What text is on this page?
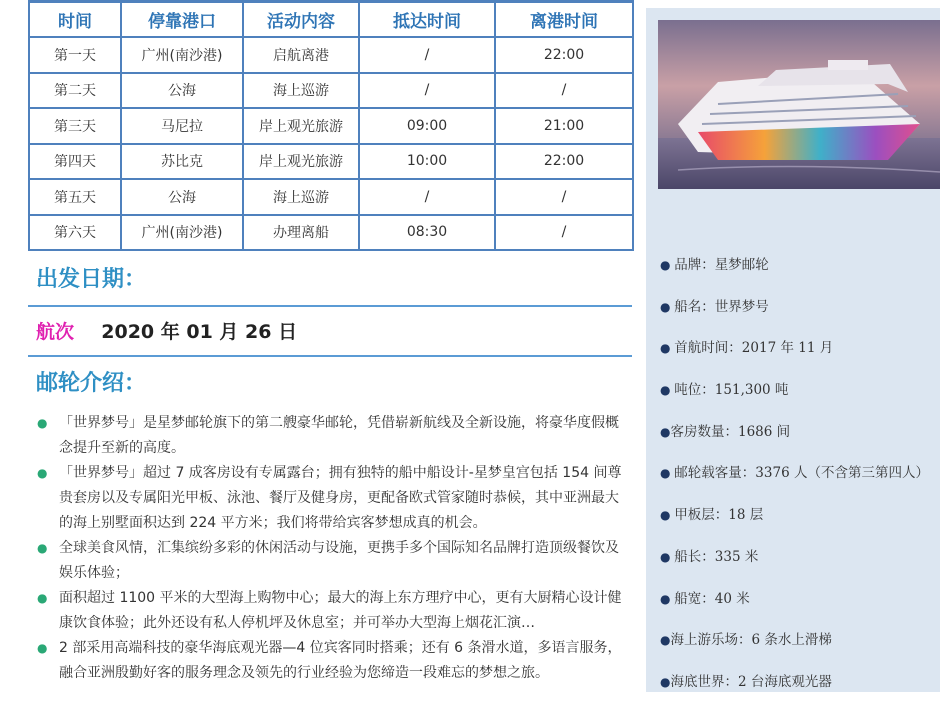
时间	停靠港口	活动内容	抵达时间	离港时间
第一天	广州(南沙港)	启航离港	/	22:00
第二天	公海	海上巡游	/	/
第三天	马尼拉	岸上观光旅游	09:00	21:00
第四天	苏比克	岸上观光旅游	10:00	22:00
第五天	公海	海上巡游	/	/
第六天	广州(南沙港)	办理离船	08:30	/
出发日期：
航次 2020 年 01 月 26 日
邮轮介绍：
● 「世界梦号」是星梦邮轮旗下的第二艘豪华邮轮，凭借崭新航线及全新设施，将豪华度假概念提升至新的高度。
● 「世界梦号」超过 7 成客房设有专属露台；拥有独特的船中船设计-星梦皇宫包括 154 间尊贵套房以及专属阳光甲板、泳池、餐厅及健身房，更配备欧式管家随时恭候，其中亚洲最大的海上别墅面积达到 224 平方米；我们将带给宾客梦想成真的机会。
● 全球美食风情，汇集缤纷多彩的休闲活动与设施，更携手多个国际知名品牌打造顶级餐饮及娱乐体验；
● 面积超过 1100 平米的大型海上购物中心；最大的海上东方理疗中心，更有大厨精心设计健康饮食体验；此外还设有私人停机坪及休息室；并可举办大型海上烟花汇演…
● 2 部采用高端科技的豪华海底观光器—4 位宾客同时搭乘；还有 6 条滑水道，多语言服务，融合亚洲殷勤好客的服务理念及领先的行业经验为您缔造一段难忘的梦想之旅。
● 品牌：星梦邮轮
● 船名：世界梦号
● 首航时间：2017 年 11 月
● 吨位：151,300 吨
●客房数量：1686 间
● 邮轮载客量：3376 人（不含第三第四人）
● 甲板层：18 层
● 船长：335 米
● 船宽：40 米
●海上游乐场：6 条水上滑梯
●海底世界：2 台海底观光器
